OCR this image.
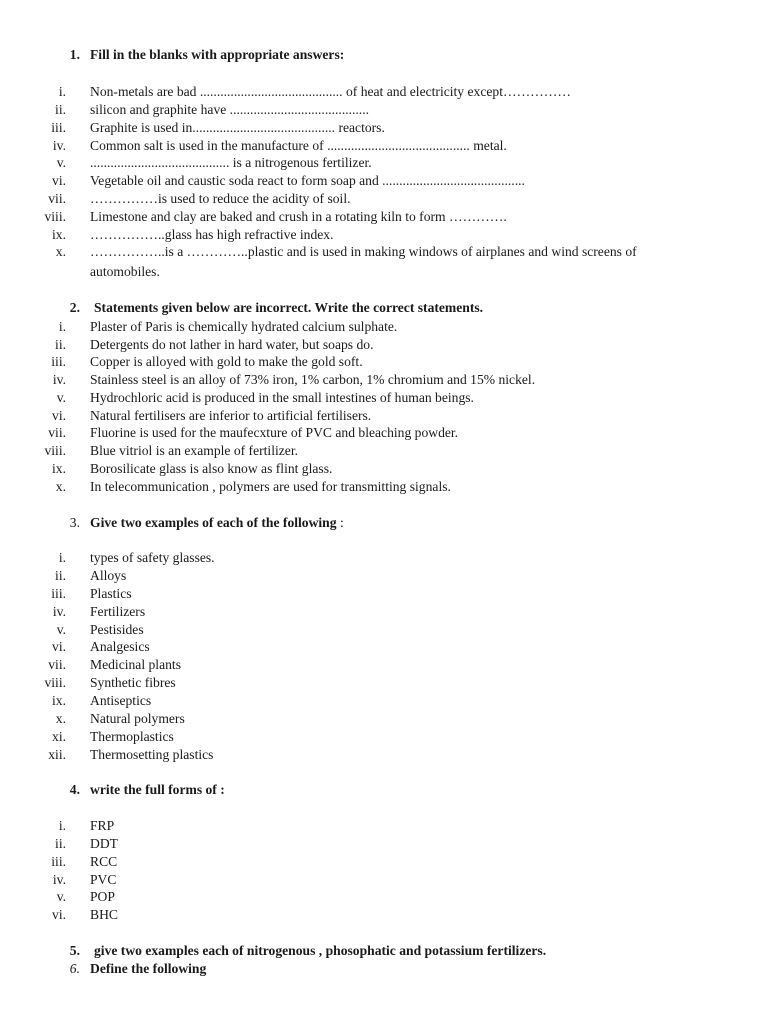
1. Fill in the blanks with appropriate answers:
i. Non-metals are bad .......................................... of heat and electricity except……………
ii. silicon and graphite have .........................................
iii. Graphite is used in.......................................... reactors.
iv. Common salt is used in the manufacture of .......................................... metal.
v. ......................................... is a nitrogenous fertilizer.
vi. Vegetable oil and caustic soda react to form soap and ..........................................
vii. ……………is used to reduce the acidity of soil.
viii. Limestone and clay are baked and crush in a rotating kiln to form ………….
ix. ……………..glass has high refractive index.
x. ……………..is a …………..plastic and is used in making windows of airplanes and wind screens of
automobiles.
2. Statements given below are incorrect. Write the correct statements.
i. Plaster of Paris is chemically hydrated calcium sulphate.
ii. Detergents do not lather in hard water, but soaps do.
iii. Copper is alloyed with gold to make the gold soft.
iv. Stainless steel is an alloy of 73% iron, 1% carbon, 1% chromium and 15% nickel.
v. Hydrochloric acid is produced in the small intestines of human beings.
vi. Natural fertilisers are inferior to artificial fertilisers.
vii. Fluorine is used for the maufecxture of PVC and bleaching powder.
viii. Blue vitriol is an example of fertilizer.
ix. Borosilicate glass is also know as flint glass.
x. In telecommunication , polymers are used for transmitting signals.
3. Give two examples of each of the following :
i. types of safety glasses.
ii. Alloys
iii. Plastics
iv. Fertilizers
v. Pestisides
vi. Analgesics
vii. Medicinal plants
viii. Synthetic fibres
ix. Antiseptics
x. Natural polymers
xi. Thermoplastics
xii. Thermosetting plastics
4. write the full forms of :
i. FRP
ii. DDT
iii. RCC
iv. PVC
v. POP
vi. BHC
5. give two examples each of nitrogenous , phosophatic and potassium fertilizers.
6. Define the following
